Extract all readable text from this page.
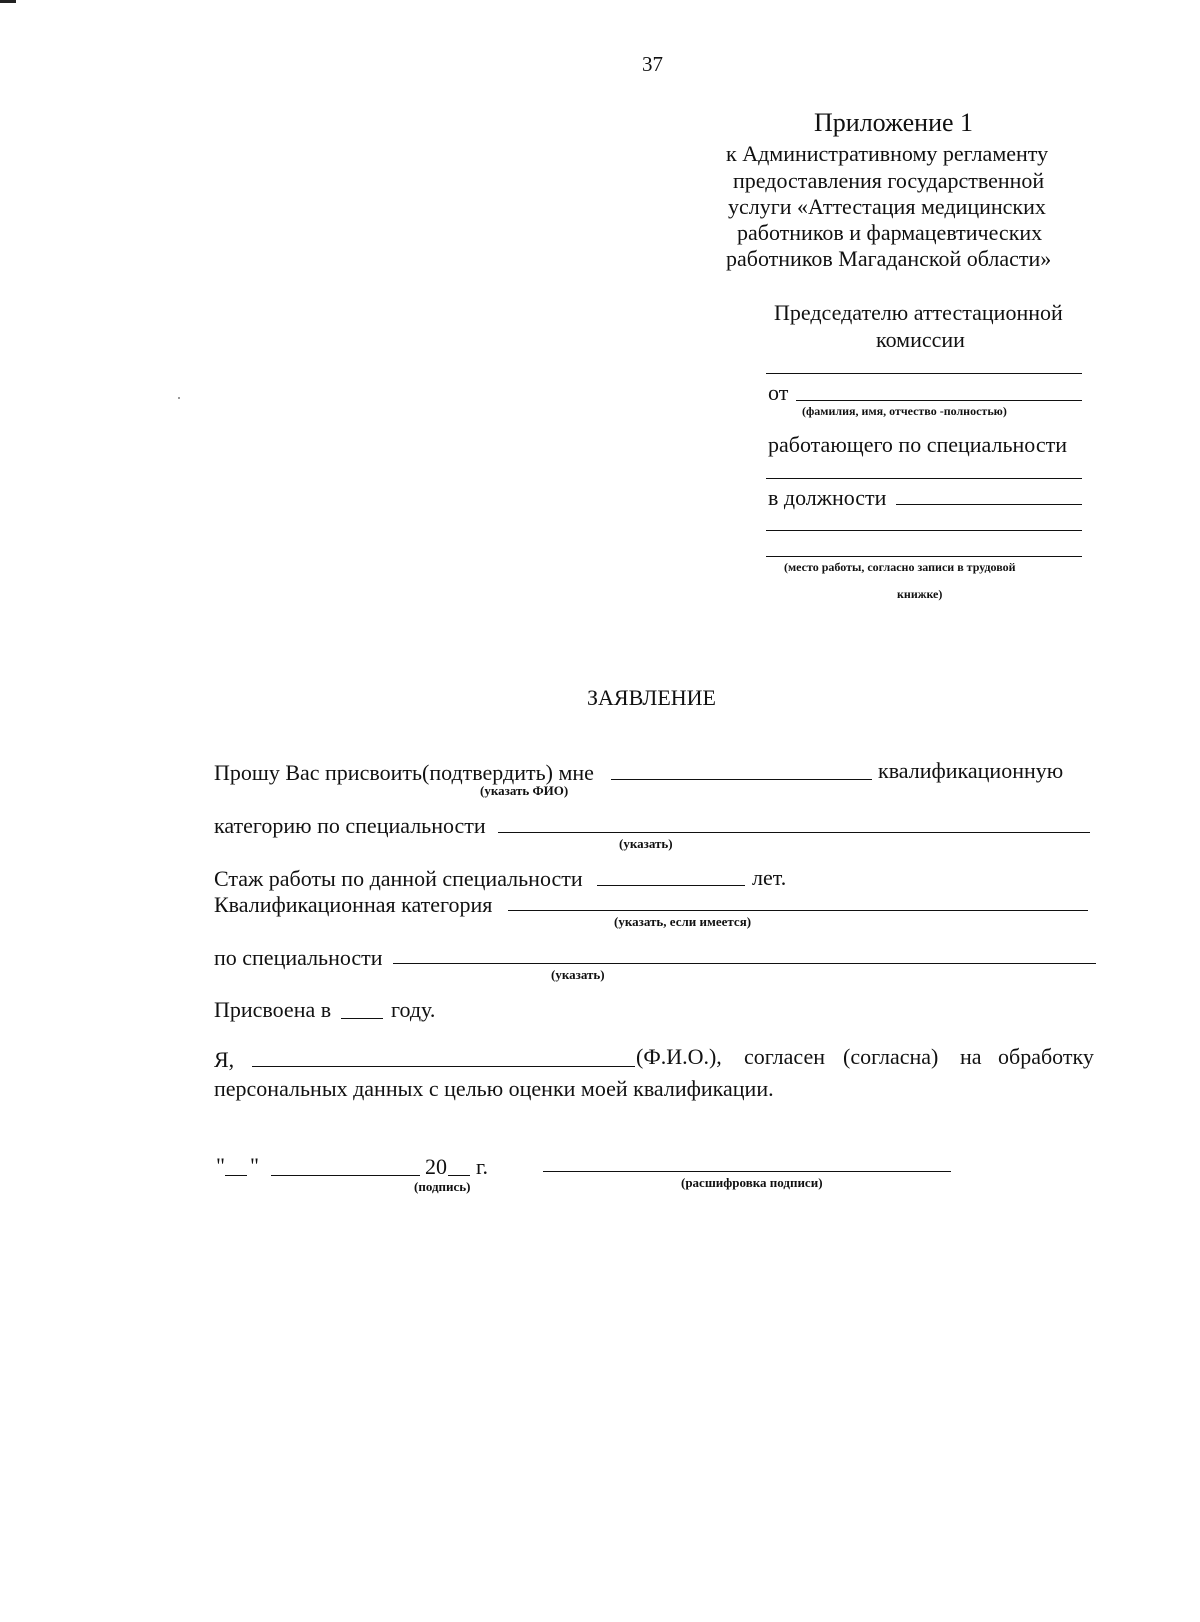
37
Приложение 1
к Административному регламенту
предоставления государственной
услуги «Аттестация медицинских
работников и фармацевтических
работников Магаданской области»
Председателю аттестационной
комиссии
от
(фамилия, имя, отчество -полностью)
работающего по специальности
в должности
(место работы, согласно записи в трудовой
книжке)
ЗАЯВЛЕНИЕ
Прошу Вас присвоить(подтвердить) мне	квалификационную
(указать ФИО)
категорию по специальности
(указать)
Стаж работы по данной специальности	лет.
Квалификационная категория
(указать, если имеется)
по специальности
(указать)
Присвоена в	году.
Я,	(Ф.И.О.), согласен (согласна) на обработку
персональных данных с целью оценки моей квалификации.
" "	20 г.
(подпись)	(расшифровка подписи)
